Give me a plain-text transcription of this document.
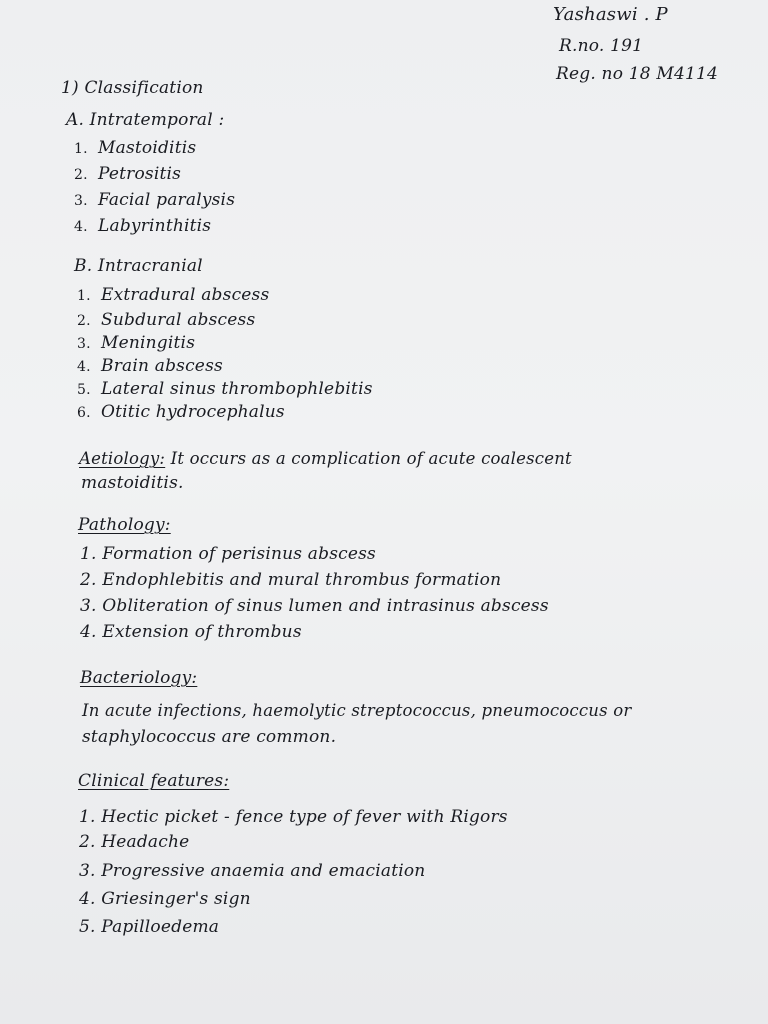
Yashaswi . P
R.no. 191
Reg. no 18 M4114
1) Classification
A. Intratemporal :
1. Mastoiditis
2. Petrositis
3. Facial paralysis
4. Labyrinthitis
B. Intracranial
1. Extradural abscess
2. Subdural abscess
3. Meningitis
4. Brain abscess
5. Lateral sinus thrombophlebitis
6. Otitic hydrocephalus
Aetiology: It occurs as a complication of acute coalescent
mastoiditis.
Pathology:
1. Formation of perisinus abscess
2. Endophlebitis and mural thrombus formation
3. Obliteration of sinus lumen and intrasinus abscess
4. Extension of thrombus
Bacteriology:
In acute infections, haemolytic streptococcus, pneumococcus or
staphylococcus are common.
Clinical features:
1. Hectic picket - fence type of fever with Rigors
2. Headache
3. Progressive anaemia and emaciation
4. Griesinger's sign
5. Papilloedema
